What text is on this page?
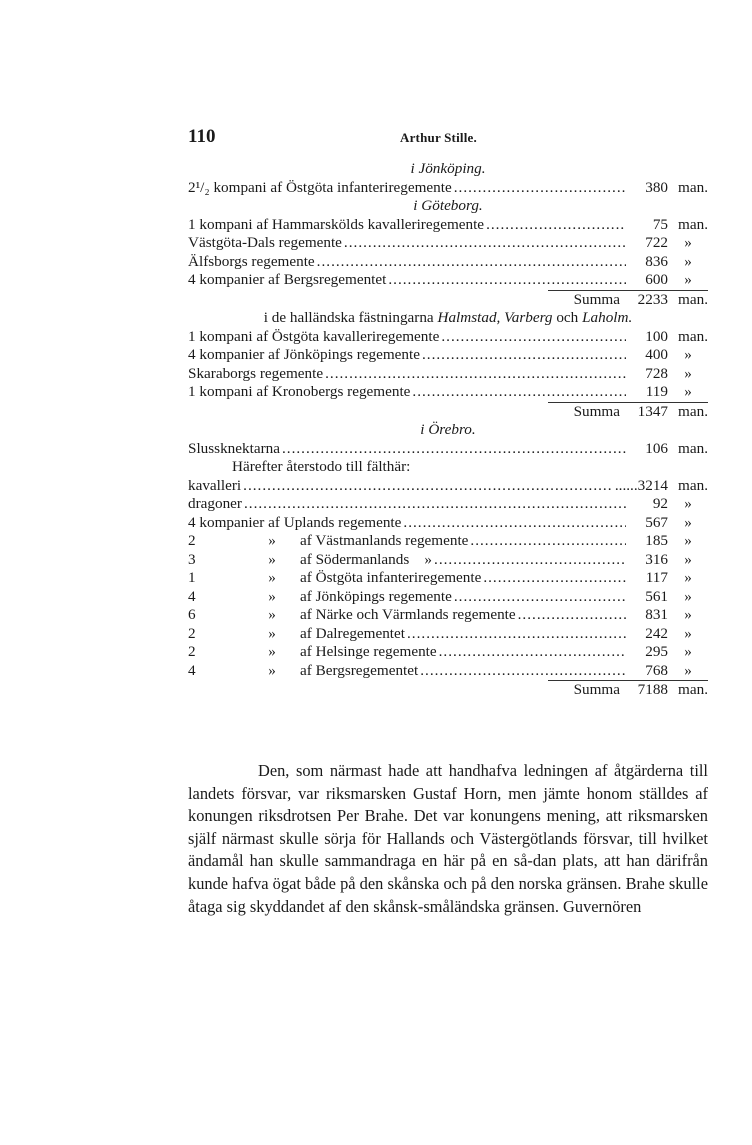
110	Arthur Stille.
i Jönköping.
2¹/₂ kompani af Östgöta infanteriregemente .....	380 man.
i Göteborg.
1 kompani af Hammarskölds kavalleriregemente .....	75 man.
Västgöta-Dals regemente .....	722	»
Älfsborgs regemente .....	836	»
4 kompanier af Bergsregementet .....	600	»
Summa	2233 man.
i de halländska fästningarna Halmstad, Varberg och Laholm.
1 kompani af Östgöta kavalleriregemente .....	100 man.
4 kompanier af Jönköpings regemente .....	400	»
Skaraborgs regemente .....	728	»
1 kompani af Kronobergs regemente .....	119	»
Summa	1347 man.
i Örebro.
Slussknektarna .....	106 man.
Härefter återstodo till fälthär:
kavalleri .....	......3214 man.
dragoner .....	92	»
4 kompanier af Uplands regemente .....	567	»
2	»	af Västmanlands regemente .....	185	»
3	»	af Södermanlands    » .....	316	»
1	»	af Östgöta infanteriregemente .....	117	»
4	»	af Jönköpings regemente .....	561	»
6	»	af Närke och Värmlands regemente .....	831	»
2	»	af Dalregementet .....	242	»
2	»	af Helsinge regemente .....	295	»
4	»	af Bergsregementet .....	768	»
Summa	7188 man.

Den, som närmast hade att handhafva ledningen af åtgärderna till landets försvar, var riksmarsken Gustaf Horn, men jämte honom ställdes af konungen riksdrotsen Per Brahe. Det var konungens mening, att riksmarsken själf närmast skulle sörja för Hallands och Västergötlands försvar, till hvilket ändamål han skulle sammandraga en här på en så-dan plats, att han därifrån kunde hafva ögat både på den skånska och på den norska gränsen. Brahe skulle åtaga sig skyddandet af den skånsk-småländska gränsen. Guvernören
